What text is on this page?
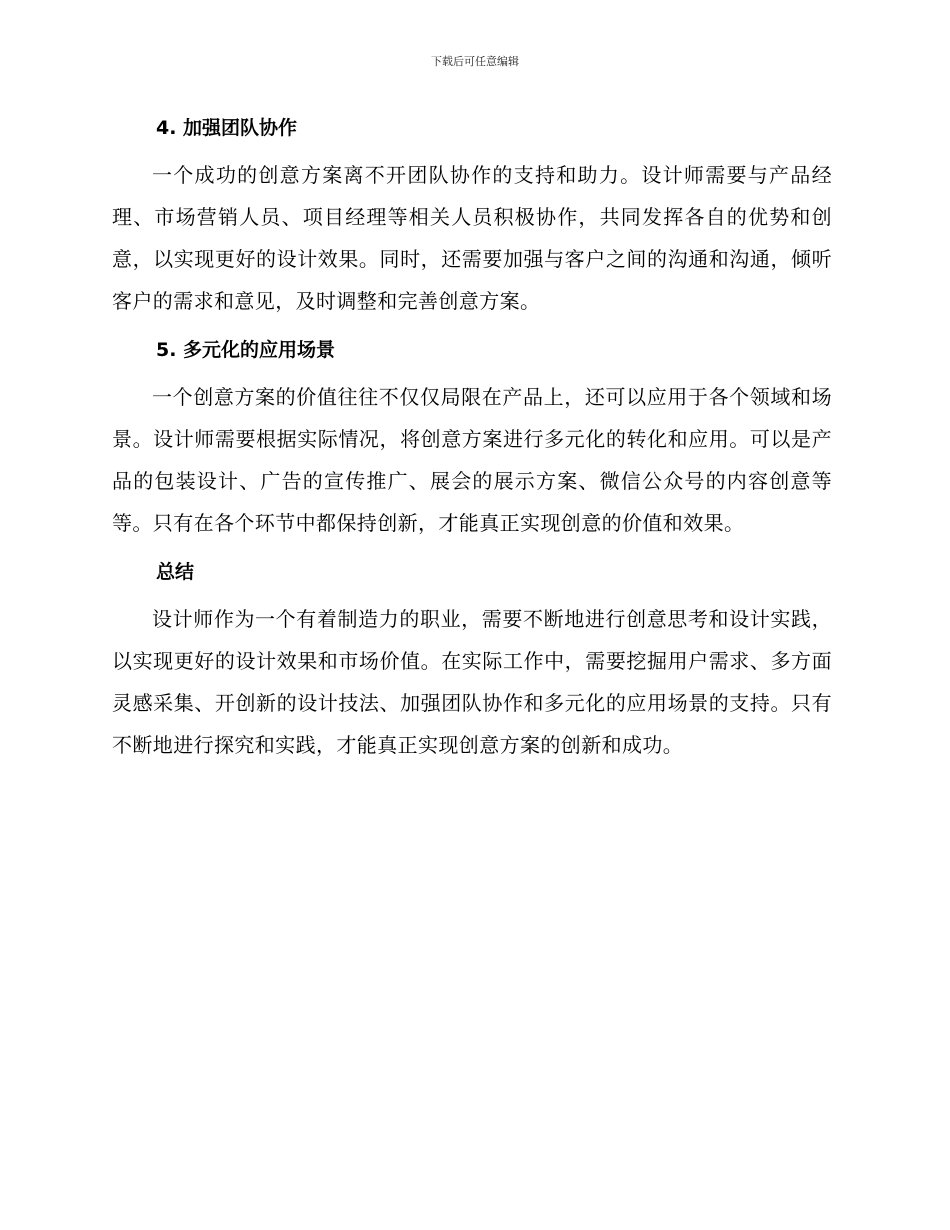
下载后可任意编辑
4. 加强团队协作

一个成功的创意方案离不开团队协作的支持和助力。设计师需要与产品经理、市场营销人员、项目经理等相关人员积极协作，共同发挥各自的优势和创意，以实现更好的设计效果。同时，还需要加强与客户之间的沟通和沟通，倾听客户的需求和意见，及时调整和完善创意方案。

5. 多元化的应用场景

一个创意方案的价值往往不仅仅局限在产品上，还可以应用于各个领域和场景。设计师需要根据实际情况，将创意方案进行多元化的转化和应用。可以是产品的包装设计、广告的宣传推广、展会的展示方案、微信公众号的内容创意等等。只有在各个环节中都保持创新，才能真正实现创意的价值和效果。

总结

设计师作为一个有着制造力的职业，需要不断地进行创意思考和设计实践，以实现更好的设计效果和市场价值。在实际工作中，需要挖掘用户需求、多方面灵感采集、开创新的设计技法、加强团队协作和多元化的应用场景的支持。只有不断地进行探究和实践，才能真正实现创意方案的创新和成功。
